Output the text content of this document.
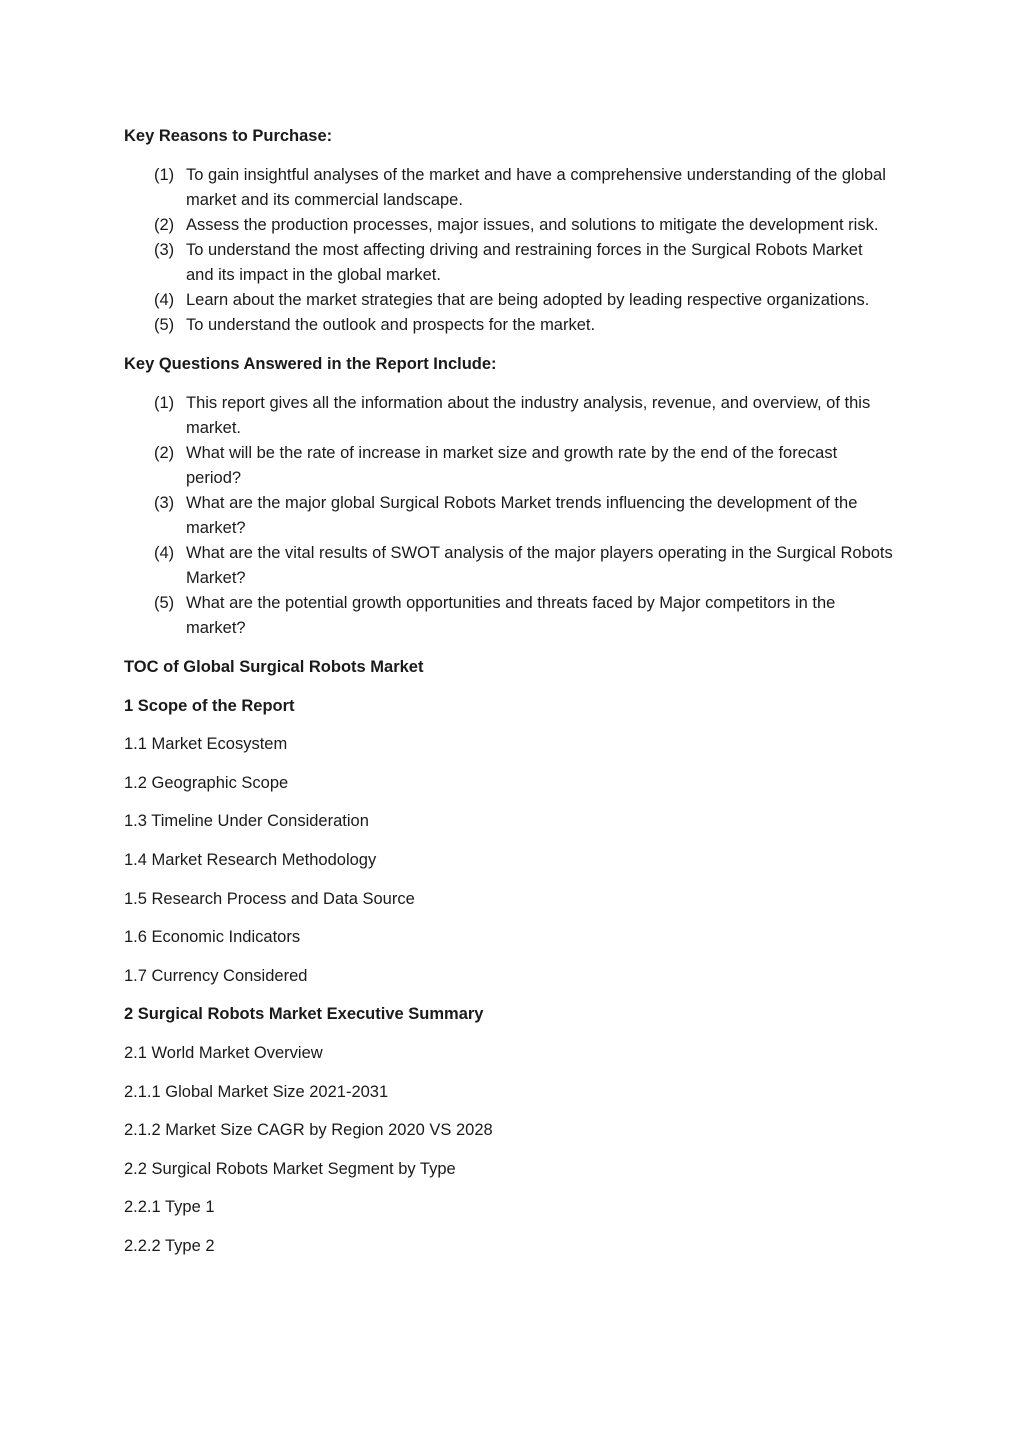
Key Reasons to Purchase:

(1) To gain insightful analyses of the market and have a comprehensive understanding of the global market and its commercial landscape.
(2) Assess the production processes, major issues, and solutions to mitigate the development risk.
(3) To understand the most affecting driving and restraining forces in the Surgical Robots Market and its impact in the global market.
(4) Learn about the market strategies that are being adopted by leading respective organizations.
(5) To understand the outlook and prospects for the market.

Key Questions Answered in the Report Include:

(1) This report gives all the information about the industry analysis, revenue, and overview, of this market.
(2) What will be the rate of increase in market size and growth rate by the end of the forecast period?
(3) What are the major global Surgical Robots Market trends influencing the development of the market?
(4) What are the vital results of SWOT analysis of the major players operating in the Surgical Robots Market?
(5) What are the potential growth opportunities and threats faced by Major competitors in the market?

TOC of Global Surgical Robots Market

1 Scope of the Report

1.1 Market Ecosystem

1.2 Geographic Scope

1.3 Timeline Under Consideration

1.4 Market Research Methodology

1.5 Research Process and Data Source

1.6 Economic Indicators

1.7 Currency Considered

2 Surgical Robots Market Executive Summary

2.1 World Market Overview

2.1.1 Global Market Size 2021-2031

2.1.2 Market Size CAGR by Region 2020 VS 2028

2.2 Surgical Robots Market Segment by Type

2.2.1 Type 1

2.2.2 Type 2
